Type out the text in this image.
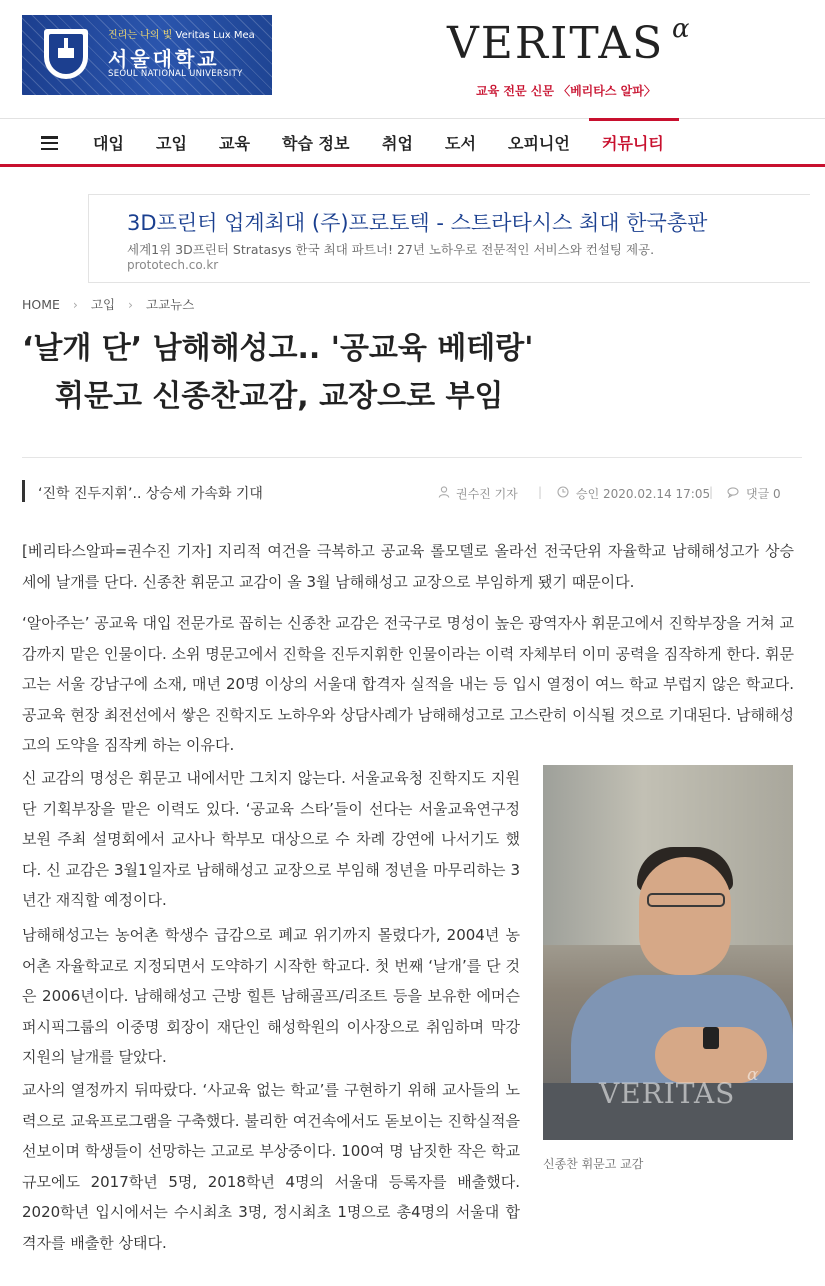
진리는 나의 빛 Veritas Lux Mea
서울대학교
SEOUL NATIONAL UNIVERSITY
VERITAS α
교육 전문 신문 〈베리타스 알파〉
대입 고입 교육 학습 정보 취업 도서 오피니언 커뮤니티
3D프린터 업계최대 (주)프로토텍 - 스트라타시스 최대 한국총판
세계1위 3D프린터 Stratasys 한국 최대 파트너! 27년 노하우로 전문적인 서비스와 컨설팅 제공.
prototech.co.kr
HOME › 고입 › 고교뉴스
‘날개 단’ 남해해성고.. '공교육 베테랑'
휘문고 신종찬교감, 교장으로 부임
‘진학 진두지휘’.. 상승세 가속화 기대	권수진 기자 |	승인 2020.02.14 17:05
|	댓글 0

[베리타스알파=권수진 기자] 지리적 여건을 극복하고 공교육 롤모델로 올라선 전국단위 자율학교 남해해성고가 상승세에 날개를 단다. 신종찬 휘문고 교감이 올 3월 남해해성고 교장으로 부임하게 됐기 때문이다.

‘알아주는’ 공교육 대입 전문가로 꼽히는 신종찬 교감은 전국구로 명성이 높은 광역자사 휘문고에서 진학부장을 거쳐 교감까지 맡은 인물이다. 소위 명문고에서 진학을 진두지휘한 인물이라는 이력 자체부터 이미 공력을 짐작하게 한다. 휘문고는 서울 강남구에 소재, 매년 20명 이상의 서울대 합격자 실적을 내는 등 입시 열정이 여느 학교 부럽지 않은 학교다. 공교육 현장 최전선에서 쌓은 진학지도 노하우와 상담사례가 남해해성고로 고스란히 이식될 것으로 기대된다. 남해해성고의 도약을 짐작케 하는 이유다.

신 교감의 명성은 휘문고 내에서만 그치지 않는다. 서울교육청 진학지도 지원단 기획부장을 맡은 이력도 있다. ‘공교육 스타’들이 선다는 서울교육연구정보원 주최 설명회에서 교사나 학부모 대상으로 수 차례 강연에 나서기도 했다. 신 교감은 3월1일자로 남해해성고 교장으로 부임해 정년을 마무리하는 3년간 재직할 예정이다.

남해해성고는 농어촌 학생수 급감으로 폐교 위기까지 몰렸다가, 2004년 농어촌 자율학교로 지정되면서 도약하기 시작한 학교다. 첫 번째 ‘날개’를 단 것은 2006년이다. 남해해성고 근방 힐튼 남해골프/리조트 등을 보유한 에머슨퍼시픽그룹의 이중명 회장이 재단인 해성학원의 이사장으로 취임하며 막강 지원의 날개를 달았다.

교사의 열정까지 뒤따랐다. ‘사교육 없는 학교’를 구현하기 위해 교사들의 노력으로 교육프로그램을 구축했다. 불리한 여건속에서도 돋보이는 진학실적을 선보이며 학생들이 선망하는 고교로 부상중이다. 100여 명 남짓한 작은 학교 규모에도 2017학년 5명, 2018학년 4명의 서울대 등록자를 배출했다. 2020학년 입시에서는 수시최초 3명, 정시최초 1명으로 총4명의 서울대 합격자를 배출한 상태다.

VERITAS
α
신종찬 휘문고 교감
